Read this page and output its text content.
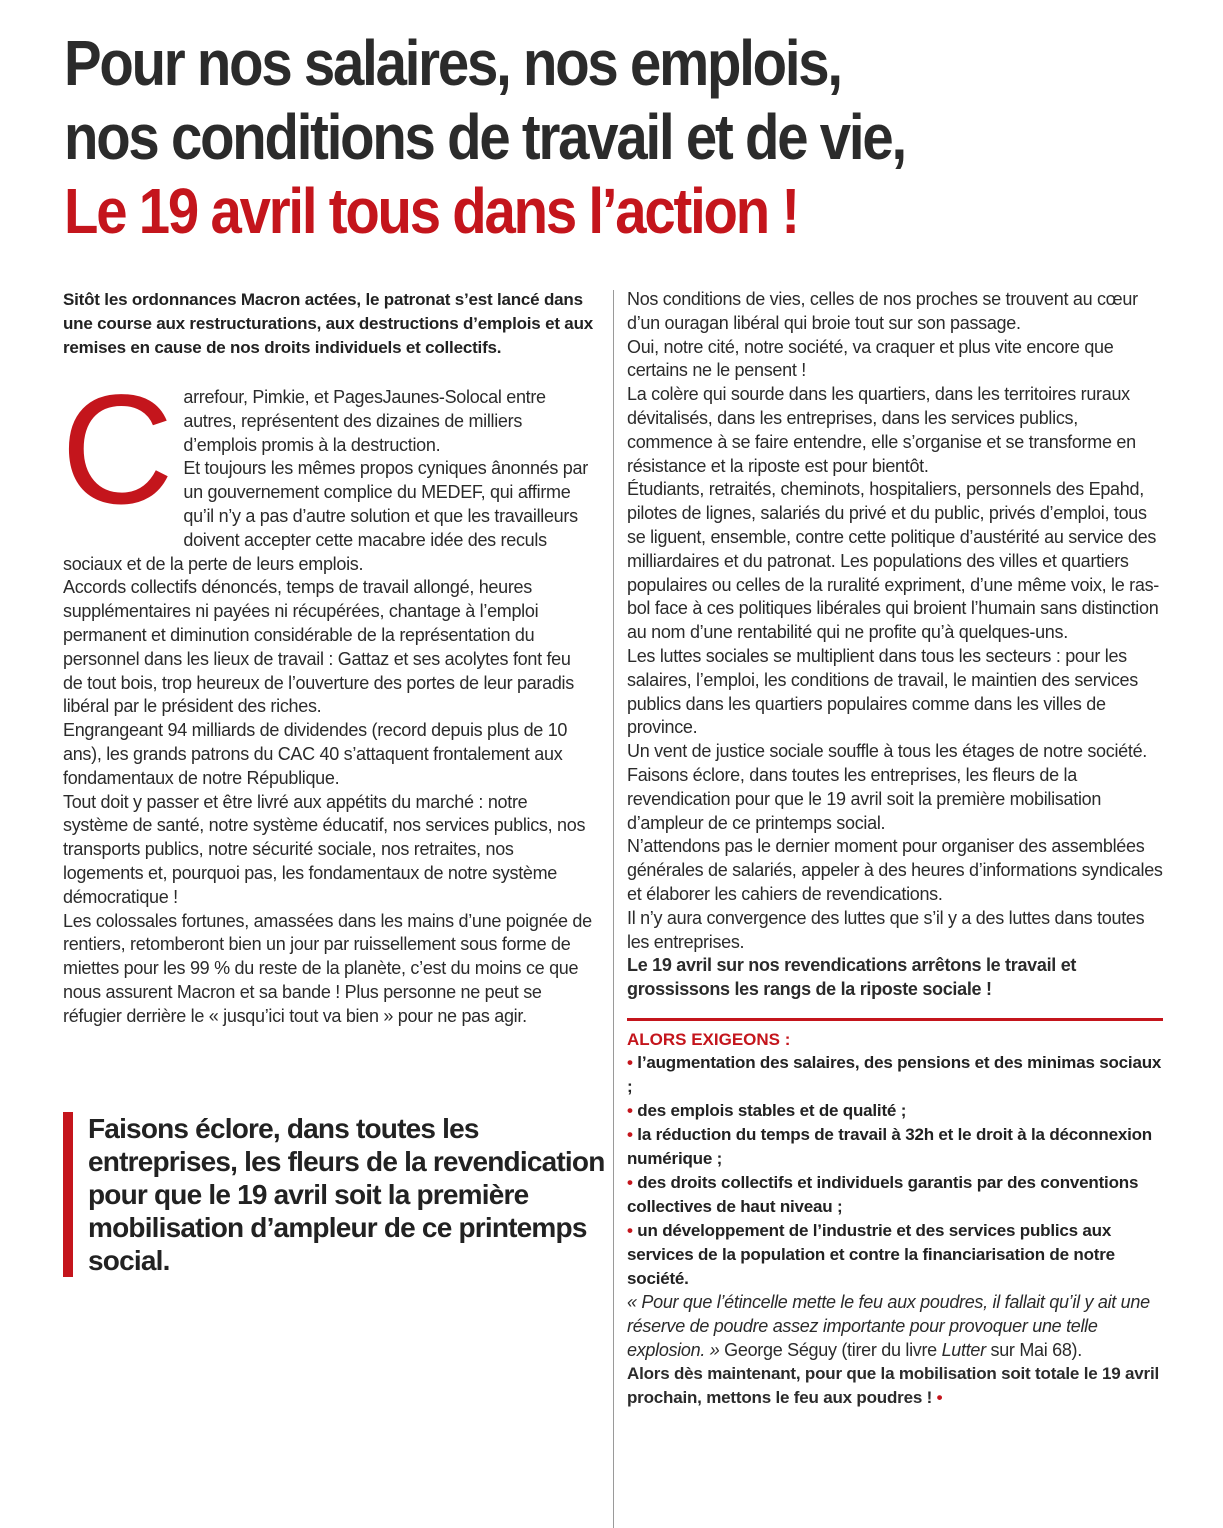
Pour nos salaires, nos emplois,
nos conditions de travail et de vie,
Le 19 avril tous dans l’action !

Sitôt les ordonnances Macron actées, le patronat s’est lancé dans une course aux restructurations, aux destructions d’emplois et aux remises en cause de nos droits individuels et collectifs.

Carrefour, Pimkie, et PagesJaunes-Solocal entre autres, représentent des dizaines de milliers d’emplois promis à la destruction.

Et toujours les mêmes propos cyniques ânonnés par un gouvernement complice du MEDEF, qui affirme qu’il n’y a pas d’autre solution et que les travailleurs doivent accepter cette macabre idée des reculs sociaux et de la perte de leurs emplois.

Accords collectifs dénoncés, temps de travail allongé, heures supplémentaires ni payées ni récupérées, chantage à l’emploi permanent et diminution considérable de la représentation du personnel dans les lieux de travail : Gattaz et ses acolytes font feu de tout bois, trop heureux de l’ouverture des portes de leur paradis libéral par le président des riches.

Engrangeant 94 milliards de dividendes (record depuis plus de 10 ans), les grands patrons du CAC 40 s’attaquent frontalement aux fondamentaux de notre République.

Tout doit y passer et être livré aux appétits du marché : notre système de santé, notre système éducatif, nos services publics, nos transports publics, notre sécurité sociale, nos retraites, nos logements et, pourquoi pas, les fondamentaux de notre système démocratique !

Les colossales fortunes, amassées dans les mains d’une poignée de rentiers, retomberont bien un jour par ruissellement sous forme de miettes pour les 99 % du reste de la planète, c’est du moins ce que nous assurent Macron et sa bande ! Plus personne ne peut se réfugier derrière le « jusqu’ici tout va bien » pour ne pas agir.

Faisons éclore, dans toutes les entreprises, les fleurs de la revendication pour que le 19 avril soit la première mobilisation d’ampleur de ce printemps social.

Nos conditions de vies, celles de nos proches se trouvent au cœur d’un ouragan libéral qui broie tout sur son passage.

Oui, notre cité, notre société, va craquer et plus vite encore que certains ne le pensent !

La colère qui sourde dans les quartiers, dans les territoires ruraux dévitalisés, dans les entreprises, dans les services publics, commence à se faire entendre, elle s’organise et se transforme en résistance et la riposte est pour bientôt.

Étudiants, retraités, cheminots, hospitaliers, personnels des Epahd, pilotes de lignes, salariés du privé et du public, privés d’emploi, tous se liguent, ensemble, contre cette politique d’austérité au service des milliardaires et du patronat. Les populations des villes et quartiers populaires ou celles de la ruralité expriment, d’une même voix, le ras-bol face à ces politiques libérales qui broient l’humain sans distinction au nom d’une rentabilité qui ne profite qu’à quelques-uns.

Les luttes sociales se multiplient dans tous les secteurs : pour les salaires, l’emploi, les conditions de travail, le maintien des services publics dans les quartiers populaires comme dans les villes de province.

Un vent de justice sociale souffle à tous les étages de notre société.

Faisons éclore, dans toutes les entreprises, les fleurs de la revendication pour que le 19 avril soit la première mobilisation d’ampleur de ce printemps social.

N’attendons pas le dernier moment pour organiser des assemblées générales de salariés, appeler à des heures d’informations syndicales et élaborer les cahiers de revendications.

Il n’y aura convergence des luttes que s’il y a des luttes dans toutes les entreprises.

Le 19 avril sur nos revendications arrêtons le travail et grossissons les rangs de la riposte sociale !

ALORS EXIGEONS :

• l’augmentation des salaires, des pensions et des minimas sociaux ;
• des emplois stables et de qualité ;
• la réduction du temps de travail à 32h et le droit à la déconnexion numérique ;
• des droits collectifs et individuels garantis par des conventions collectives de haut niveau ;
• un développement de l’industrie et des services publics aux services de la population et contre la financiarisation de notre société.

« Pour que l’étincelle mette le feu aux poudres, il fallait qu’il y ait une réserve de poudre assez importante pour provoquer une telle explosion. » George Séguy (tirer du livre Lutter sur Mai 68).

Alors dès maintenant, pour que la mobilisation soit totale le 19 avril prochain, mettons le feu aux poudres ! •
